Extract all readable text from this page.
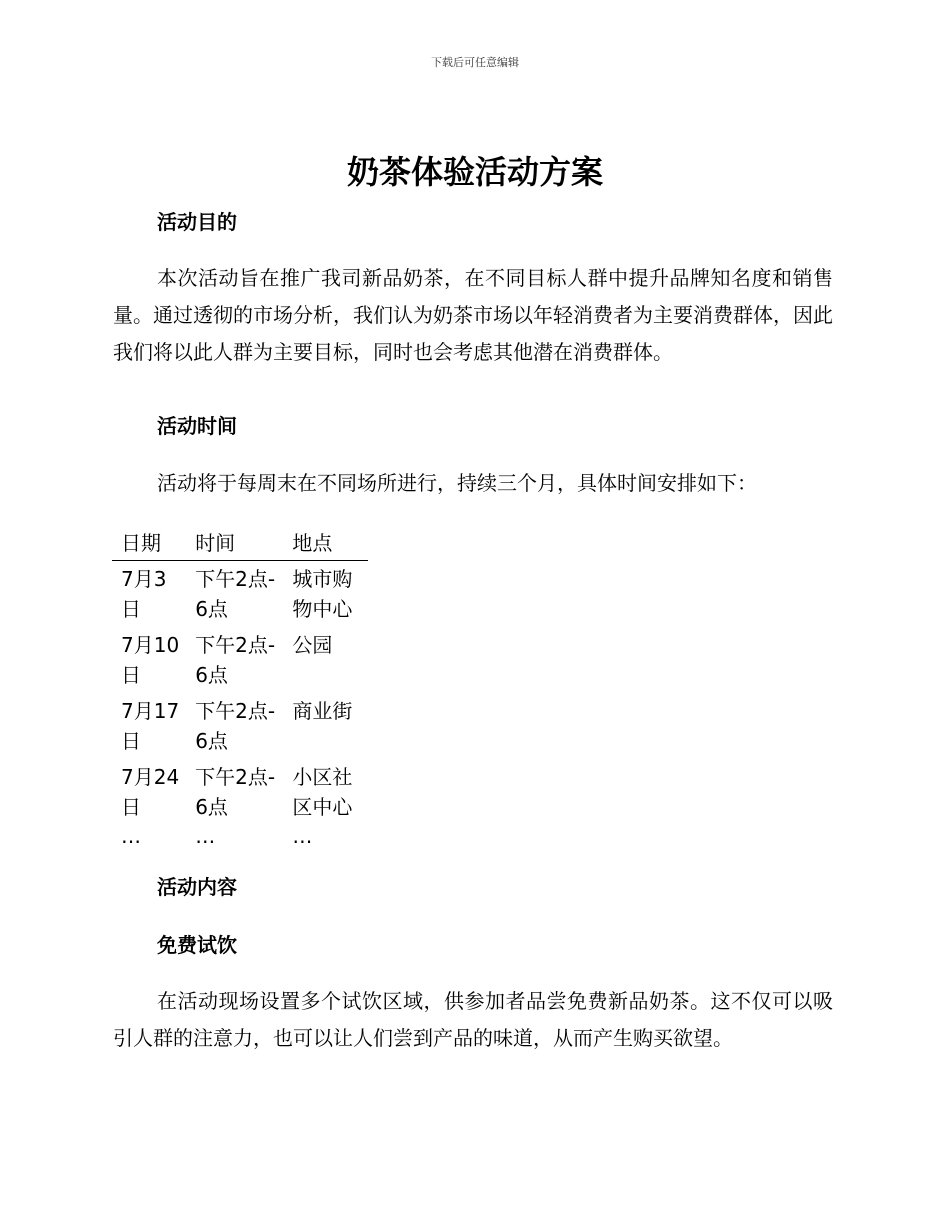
下载后可任意编辑
奶茶体验活动方案
活动目的

本次活动旨在推广我司新品奶茶，在不同目标人群中提升品牌知名度和销售量。通过透彻的市场分析，我们认为奶茶市场以年轻消费者为主要消费群体，因此我们将以此人群为主要目标，同时也会考虑其他潜在消费群体。

活动时间

活动将于每周末在不同场所进行，持续三个月，具体时间安排如下：

日期	时间	地点
7月3日	下午2点-6点	城市购物中心
7月10日	下午2点-6点	公园
7月17日	下午2点-6点	商业街
7月24日	下午2点-6点	小区社区中心
…	…	…
活动内容
免费试饮

在活动现场设置多个试饮区域，供参加者品尝免费新品奶茶。这不仅可以吸引人群的注意力，也可以让人们尝到产品的味道，从而产生购买欲望。
